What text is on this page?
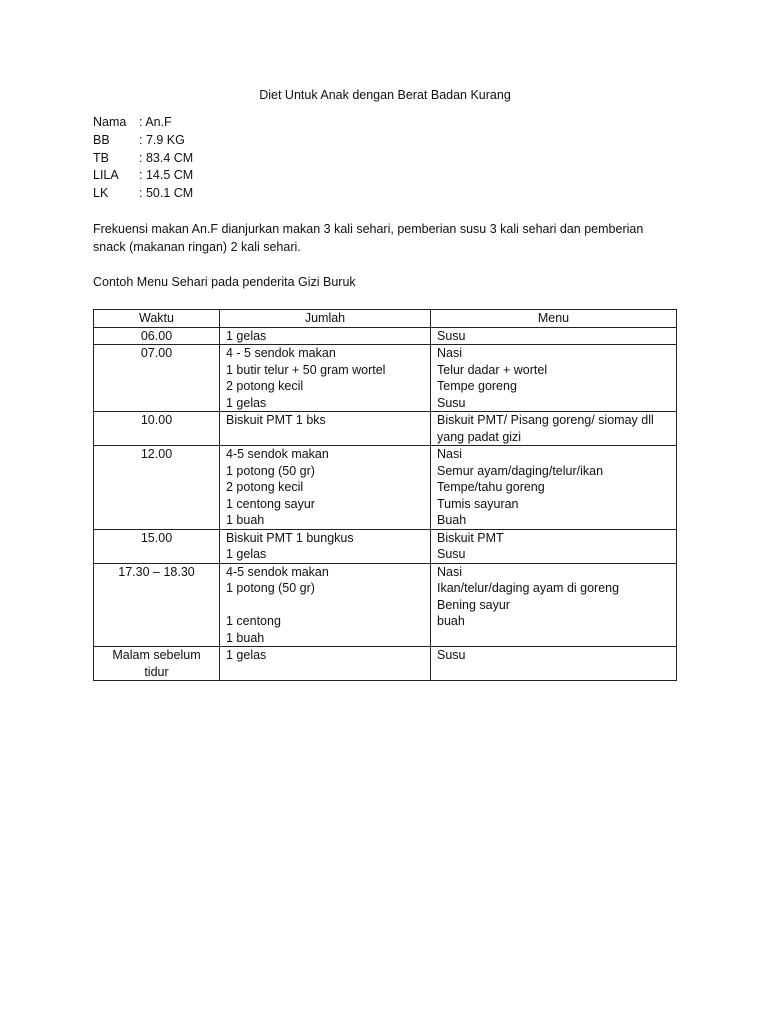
Diet Untuk Anak dengan Berat Badan Kurang
Nama	: An.F
BB	: 7.9 KG
TB	: 83.4 CM
LILA	: 14.5 CM
LK	: 50.1 CM
Frekuensi makan An.F dianjurkan makan 3 kali sehari, pemberian susu 3 kali sehari dan pemberian snack (makanan ringan) 2 kali sehari.
Contoh Menu Sehari pada penderita Gizi Buruk
Waktu	Jumlah	Menu
06.00	1 gelas	Susu

07.00	4 - 5 sendok makan
1 butir telur + 50 gram wortel
2 potong kecil
1 gelas	Nasi
Telur dadar + wortel
Tempe goreng
Susu

10.00	Biskuit PMT 1 bks	Biskuit PMT/ Pisang goreng/ siomay dll yang padat gizi

12.00	4-5 sendok makan
1 potong (50 gr)
2 potong kecil
1 centong sayur
1 buah	Nasi
Semur ayam/daging/telur/ikan
Tempe/tahu goreng
Tumis sayuran
Buah

15.00	Biskuit PMT 1 bungkus
1 gelas	Biskuit PMT
Susu

17.30 – 18.30	4-5 sendok makan
1 potong (50 gr)
1 centong
1 buah	Nasi
Ikan/telur/daging ayam di goreng
Bening sayur
buah

Malam sebelum tidur	1 gelas	Susu
